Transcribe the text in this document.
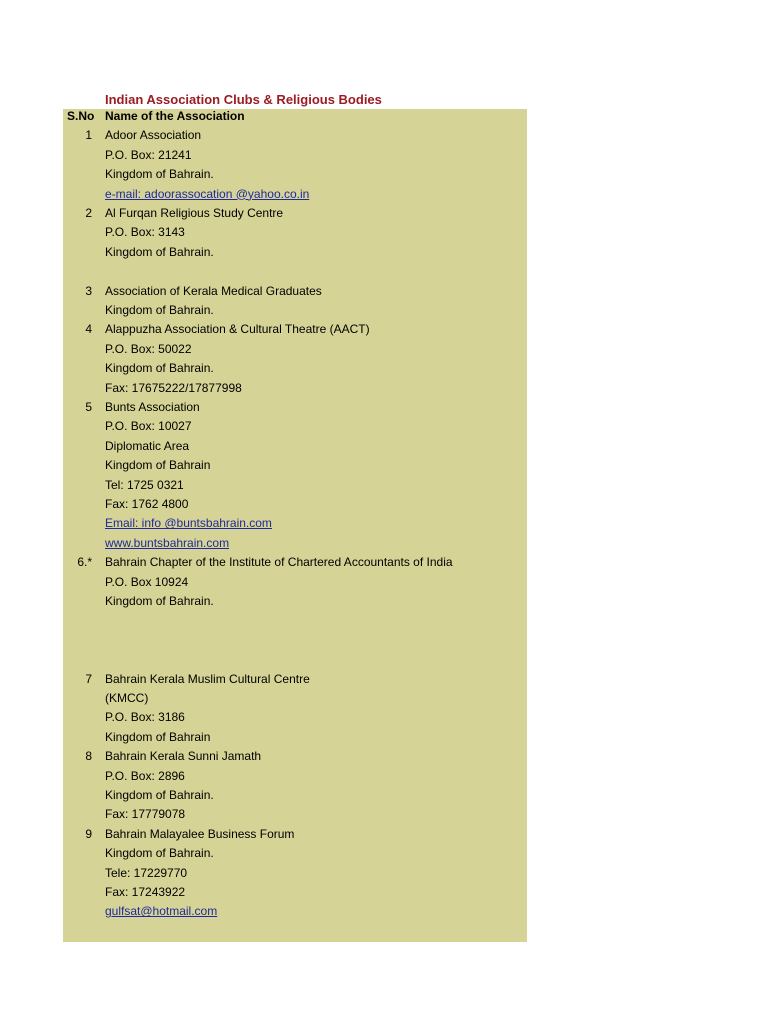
Indian Association Clubs & Religious Bodies
S.No Name of the Association
1 Adoor Association
P.O. Box: 21241
Kingdom of Bahrain.
e-mail: adoorassocation @yahoo.co.in
2 Al Furqan Religious Study Centre
P.O. Box: 3143
Kingdom of Bahrain.
3 Association of Kerala Medical Graduates
Kingdom of Bahrain.
4 Alappuzha Association & Cultural Theatre (AACT)
P.O. Box: 50022
Kingdom of Bahrain.
Fax: 17675222/17877998
5 Bunts Association
P.O. Box: 10027
Diplomatic Area
Kingdom of Bahrain
Tel: 1725 0321
Fax: 1762 4800
Email: info @buntsbahrain.com
www.buntsbahrain.com
6.* Bahrain Chapter of the Institute of Chartered Accountants of India
P.O. Box 10924
Kingdom of Bahrain.
7 Bahrain Kerala Muslim Cultural Centre
(KMCC)
P.O. Box: 3186
Kingdom of Bahrain
8 Bahrain Kerala Sunni Jamath
P.O. Box: 2896
Kingdom of Bahrain.
Fax: 17779078
9 Bahrain Malayalee Business Forum
Kingdom of Bahrain.
Tele: 17229770
Fax: 17243922
gulfsat@hotmail.com
